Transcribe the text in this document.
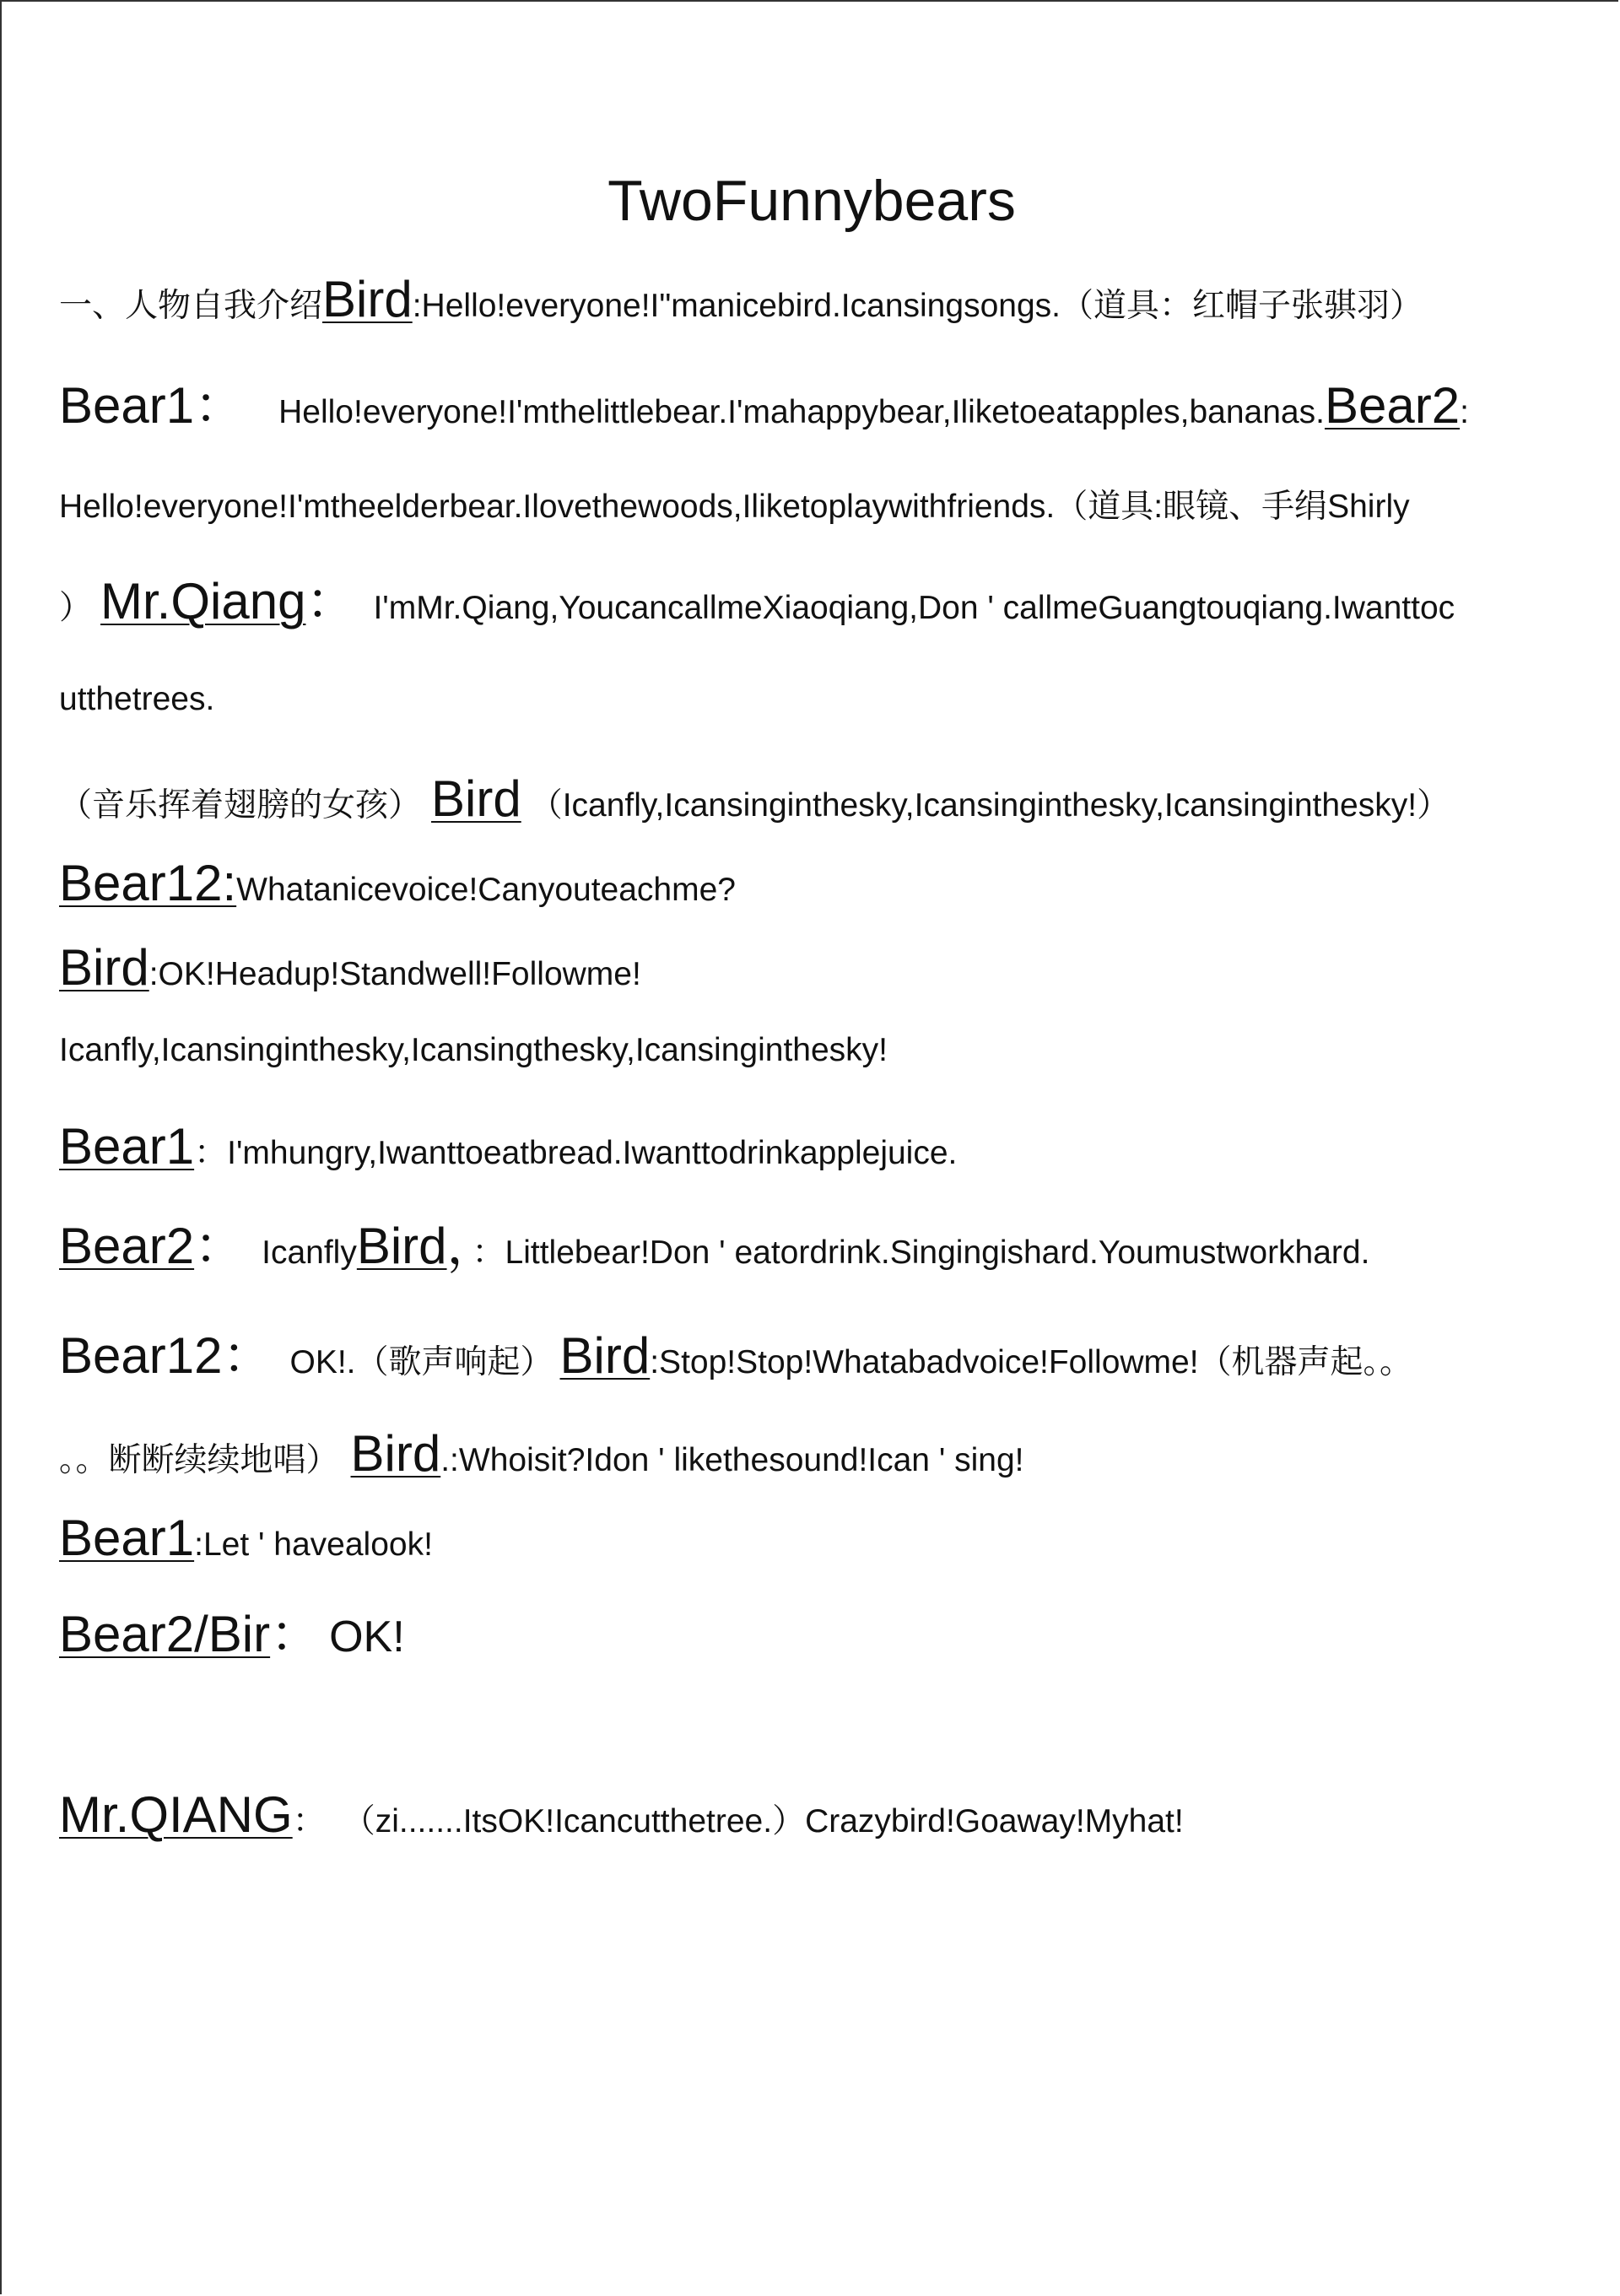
TwoFunnybears
一、人物自我介绍Bird:Hello!everyone!I"manicebird.Icansingsongs.（道具：红帽子张骐羽）
Bear1： Hello!everyone!I'mthelittlebear.I'mahappybear,Iliketoeatapples,bananas.Bear2:
Hello!everyone!I'mtheelderbear.Ilovethewoods,Iliketoplaywithfriends.（道具:眼镜、手绢Shirly
） Mr.Qiang： I'mMr.Qiang,YoucancallmeXiaoqiang,Don ' callmeGuangtouqiang.Iwanttoc
utthetrees.
（音乐挥着翅膀的女孩） Bird （Icanfly,Icansinginthesky,Icansinginthesky,Icansinginthesky!）
Bear12:Whatanicevoice!Canyouteachme?
Bird:OK!Headup!Standwell!Followme!
Icanfly,Icansinginthesky,Icansingthesky,Icansinginthesky!
Bear1：I'mhungry,Iwanttoeatbread.Iwanttodrinkapplejuice.
Bear2： IcanflyBird，：Littlebear!Don ' eatordrink.Singingishard.Youmustworkhard.
Bear12： OK!.（歌声响起） Bird:Stop!Stop!Whatabadvoice!Followme!（机器声起。。
。。断断续续地唱） Bird.:Whoisit?Idon ' likethesound!Ican ' sing!
Bear1:Let ' havealook!
Bear2/Bir： OK!
Mr.QIANG： （zi.......ItsOK!Icancutthetree.）Crazybird!Goaway!Myhat!
